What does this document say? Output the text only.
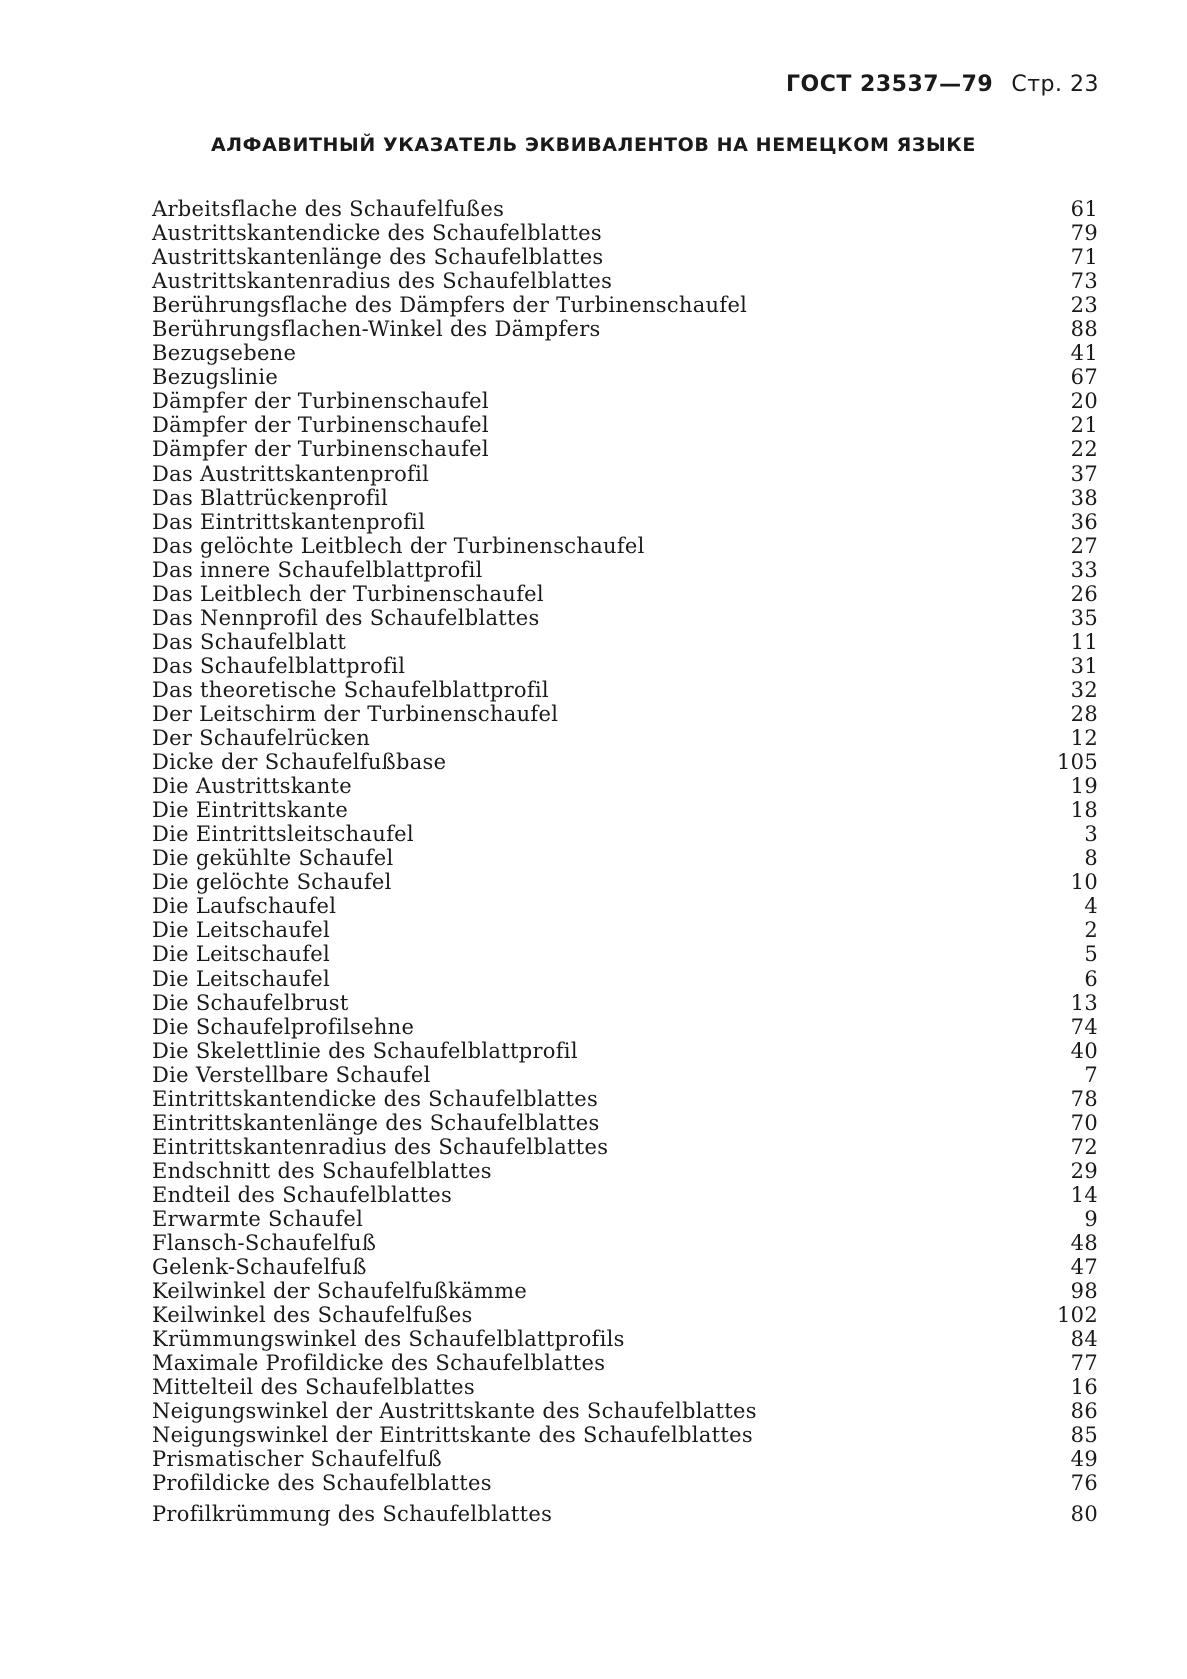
ГОСТ 23537—79 Стр. 23
АЛФАВИТНЫЙ УКАЗАТЕЛЬ ЭКВИВАЛЕНТОВ НА НЕМЕЦКОМ ЯЗЫКЕ
Arbeitsflache des Schaufelfußes	61
Austrittskantendicke des Schaufelblattes	79
Austrittskantenlänge des Schaufelblattes	71
Austrittskantenradius des Schaufelblattes	73
Berührungsflache des Dämpfers der Turbinenschaufel	23
Berührungsflachen-Winkel des Dämpfers	88
Bezugsebene	41
Bezugslinie	67
Dämpfer der Turbinenschaufel	20
Dämpfer der Turbinenschaufel	21
Dämpfer der Turbinenschaufel	22
Das Austrittskantenprofil	37
Das Blattrückenprofil	38
Das Eintrittskantenprofil	36
Das gelöchte Leitblech der Turbinenschaufel	27
Das innere Schaufelblattprofil	33
Das Leitblech der Turbinenschaufel	26
Das Nennprofil des Schaufelblattes	35
Das Schaufelblatt	11
Das Schaufelblattprofil	31
Das theoretische Schaufelblattprofil	32
Der Leitschirm der Turbinenschaufel	28
Der Schaufelrücken	12
Dicke der Schaufelfußbase	105
Die Austrittskante	19
Die Eintrittskante	18
Die Eintrittsleitschaufel	3
Die gekühlte Schaufel	8
Die gelöchte Schaufel	10
Die Laufschaufel	4
Die Leitschaufel	2
Die Leitschaufel	5
Die Leitschaufel	6
Die Schaufelbrust	13
Die Schaufelprofilsehne	74
Die Skelettlinie des Schaufelblattprofil	40
Die Verstellbare Schaufel	7
Eintrittskantendicke des Schaufelblattes	78
Eintrittskantenlänge des Schaufelblattes	70
Eintrittskantenradius des Schaufelblattes	72
Endschnitt des Schaufelblattes	29
Endteil des Schaufelblattes	14
Erwarmte Schaufel	9
Flansch-Schaufelfuß	48
Gelenk-Schaufelfuß	47
Keilwinkel der Schaufelfußkämme	98
Keilwinkel des Schaufelfußes	102
Krümmungswinkel des Schaufelblattprofils	84
Maximale Profildicke des Schaufelblattes	77
Mittelteil des Schaufelblattes	16
Neigungswinkel der Austrittskante des Schaufelblattes	86
Neigungswinkel der Eintrittskante des Schaufelblattes	85
Prismatischer Schaufelfuß	49
Profildicke des Schaufelblattes	76
Profilkrümmung des Schaufelblattes	80
